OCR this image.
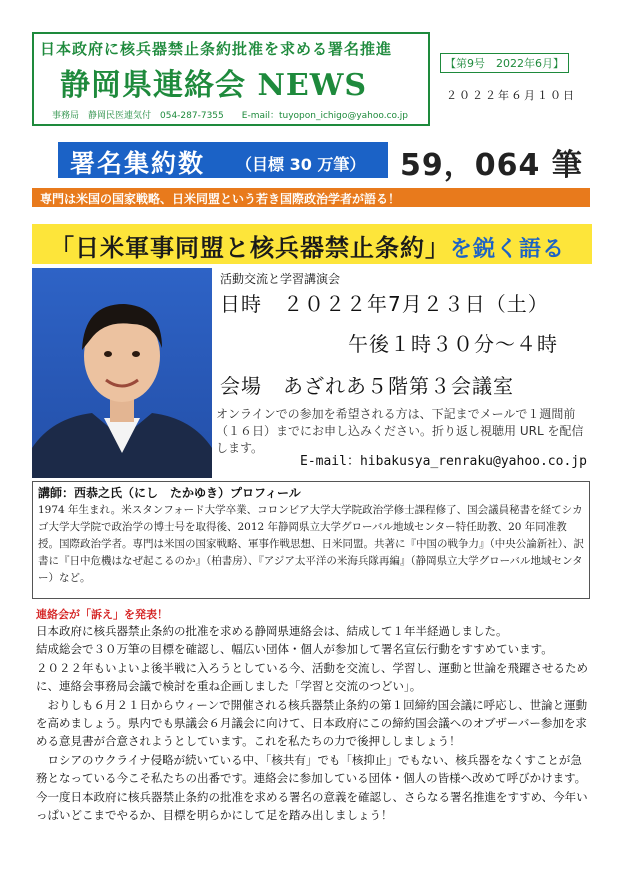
日本政府に核兵器禁止条約批准を求める署名推進
静岡県連絡会 NEWS
事務局　静岡民医連気付　054-287-7355　　E-mail：tuyopon_ichigo@yahoo.co.jp
【第9号　2022年6月】
２０２２年６月１０日
署名集約数 （目標 30 万筆） 59，064 筆
専門は米国の国家戦略、日米同盟という若き国際政治学者が語る！
「日米軍事同盟と核兵器禁止条約」を鋭く語る
活動交流と学習講演会
日時　２０２２年7月２３日（土）
午後１時３０分～４時
会場　あざれあ５階第３会議室
オンラインでの参加を希望される方は、下記までメールで１週間前（１６日）までにお申し込みください。折り返し視聴用 URL を配信します。
E-mail：hibakusya_renraku@yahoo.co.jp
講師：西恭之氏（にし　たかゆき）プロフィール
1974 年生まれ。米スタンフォード大学卒業、コロンビア大学大学院政治学修士課程修了、国会議員秘書を経てシカゴ大学大学院で政治学の博士号を取得後、2012 年静岡県立大学グローバル地域センター特任助教、20 年同准教授。国際政治学者。専門は米国の国家戦略、軍事作戦思想、日米同盟。共著に『中国の戦争力』（中央公論新社）、訳書に『日中危機はなぜ起こるのか』（柏書房）、『アジア太平洋の米海兵隊再編』（静岡県立大学グローバル地域センター）など。
連絡会が「訴え」を発表！

日本政府に核兵器禁止条約の批准を求める静岡県連絡会は、結成して１年半経過しました。

結成総会で３０万筆の目標を確認し、幅広い団体・個人が参加して署名宣伝行動をすすめています。

２０２２年もいよいよ後半戦に入ろうとしている今、活動を交流し、学習し、運動と世論を飛躍させるために、連絡会事務局会議で検討を重ね企画しました「学習と交流のつどい」。

　おりしも６月２１日からウィーンで開催される核兵器禁止条約の第１回締約国会議に呼応し、世論と運動を高めましょう。県内でも県議会６月議会に向けて、日本政府にこの締約国会議へのオブザーバー参加を求める意見書が合意されようとしています。これを私たちの力で後押ししましょう！

　ロシアのウクライナ侵略が続いている中、「核共有」でも「核抑止」でもない、核兵器をなくすことが急務となっている今こそ私たちの出番です。連絡会に参加している団体・個人の皆様へ改めて呼びかけます。

今一度日本政府に核兵器禁止条約の批准を求める署名の意義を確認し、さらなる署名推進をすすめ、今年いっぱいどこまでやるか、目標を明らかにして足を踏み出しましょう！
